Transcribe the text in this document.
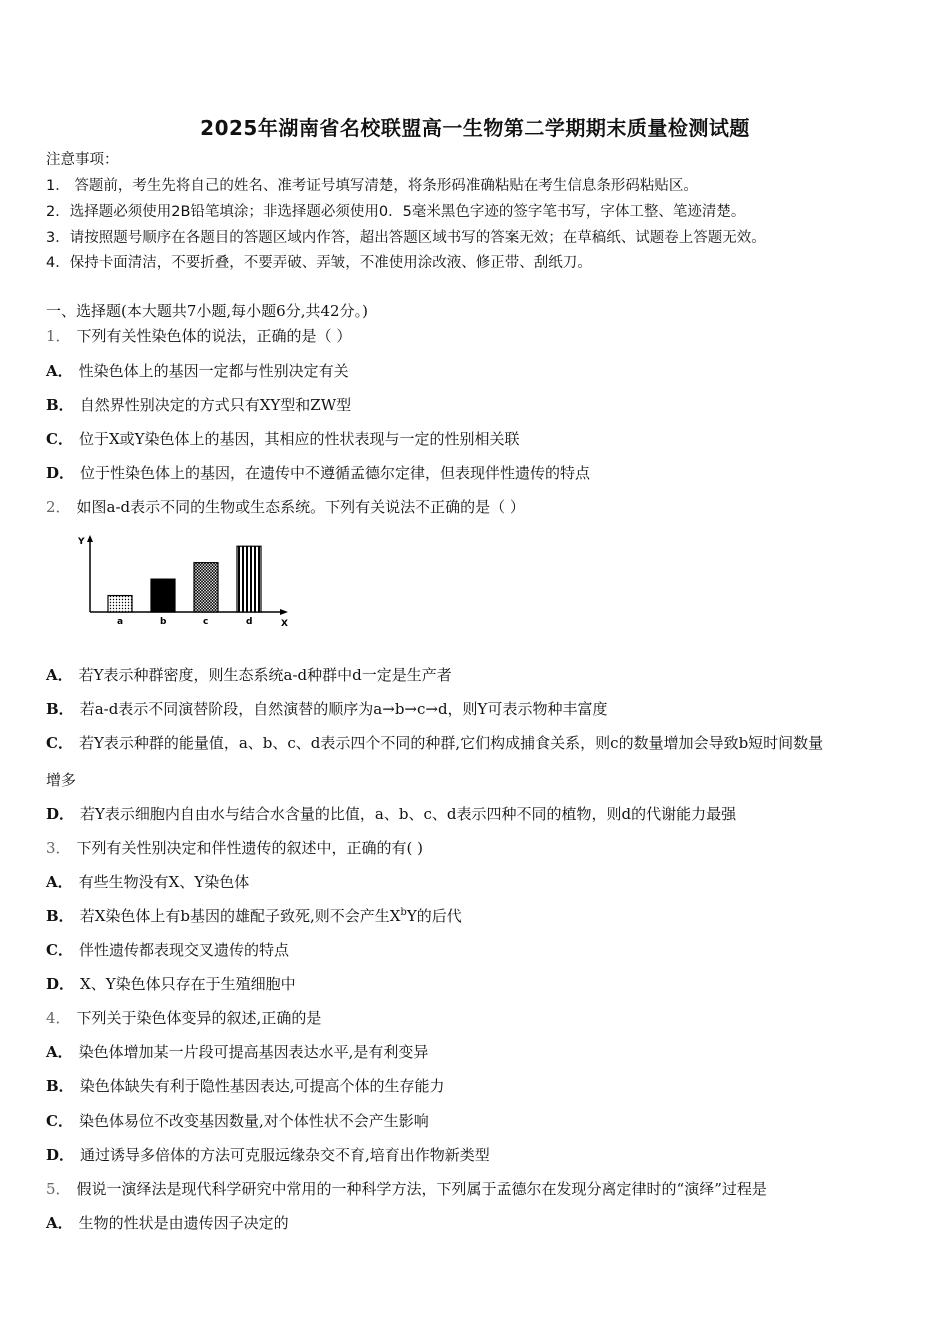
2025年湖南省名校联盟高一生物第二学期期末质量检测试题
注意事项：
1． 答题前，考生先将自己的姓名、准考证号填写清楚，将条形码准确粘贴在考生信息条形码粘贴区。
2．选择题必须使用2B铅笔填涂；非选择题必须使用0．5毫米黑色字迹的签字笔书写，字体工整、笔迹清楚。
3．请按照题号顺序在各题目的答题区域内作答，超出答题区域书写的答案无效；在草稿纸、试题卷上答题无效。
4．保持卡面清洁，不要折叠，不要弄破、弄皱，不准使用涂改液、修正带、刮纸刀。
一、选择题(本大题共7小题,每小题6分,共42分。)
1． 下列有关性染色体的说法，正确的是（ ）
A． 性染色体上的基因一定都与性别决定有关
B． 自然界性别决定的方式只有XY型和ZW型
C． 位于X或Y染色体上的基因，其相应的性状表现与一定的性别相关联
D． 位于性染色体上的基因，在遗传中不遵循孟德尔定律，但表现伴性遗传的特点
2． 如图a-d表示不同的生物或生态系统。下列有关说法不正确的是（ ）
Y
X
a	b	c	d
A． 若Y表示种群密度，则生态系统a-d种群中d一定是生产者
B． 若a-d表示不同演替阶段，自然演替的顺序为a→b→c→d，则Y可表示物种丰富度
C． 若Y表示种群的能量值，a、b、c、d表示四个不同的种群,它们构成捕食关系，则c的数量增加会导致b短时间数量
增多
D． 若Y表示细胞内自由水与结合水含量的比值，a、b、c、d表示四种不同的植物，则d的代谢能力最强
3． 下列有关性别决定和伴性遗传的叙述中，正确的有( )
A． 有些生物没有X、Y染色体
B． 若X染色体上有b基因的雄配子致死,则不会产生$X^bY$的后代
C． 伴性遗传都表现交叉遗传的特点
D． X、Y染色体只存在于生殖细胞中
4． 下列关于染色体变异的叙述,正确的是
A． 染色体增加某一片段可提高基因表达水平,是有利变异
B． 染色体缺失有利于隐性基因表达,可提高个体的生存能力
C． 染色体易位不改变基因数量,对个体性状不会产生影响
D． 通过诱导多倍体的方法可克服远缘杂交不育,培育出作物新类型
5． 假说一演绎法是现代科学研究中常用的一种科学方法，下列属于孟德尔在发现分离定律时的“演绎”过程是
A． 生物的性状是由遗传因子决定的
